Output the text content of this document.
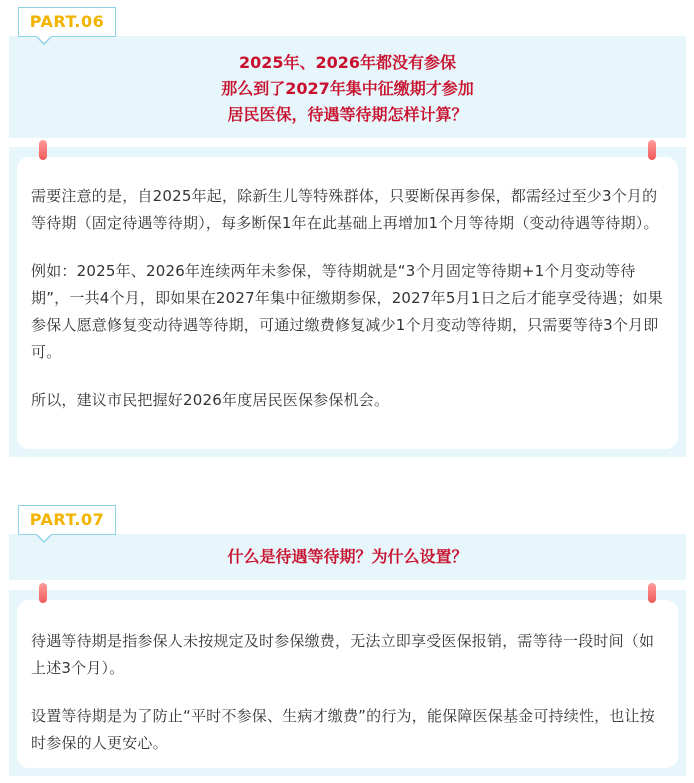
PART.06
2025年、2026年都没有参保
那么到了2027年集中征缴期才参加
居民医保，待遇等待期怎样计算？

需要注意的是，自2025年起，除新生儿等特殊群体，只要断保再参保，都需经过至少3个月的等待期（固定待遇等待期），每多断保1年在此基础上再增加1个月等待期（变动待遇等待期）。

例如：2025年、2026年连续两年未参保，等待期就是“3个月固定等待期+1个月变动等待期”，一共4个月，即如果在2027年集中征缴期参保，2027年5月1日之后才能享受待遇；如果参保人愿意修复变动待遇等待期，可通过缴费修复减少1个月变动等待期，只需要等待3个月即可。

所以，建议市民把握好2026年度居民医保参保机会。

PART.07
什么是待遇等待期？为什么设置？

待遇等待期是指参保人未按规定及时参保缴费，无法立即享受医保报销，需等待一段时间（如上述3个月）。

设置等待期是为了防止“平时不参保、生病才缴费”的行为，能保障医保基金可持续性，也让按时参保的人更安心。
